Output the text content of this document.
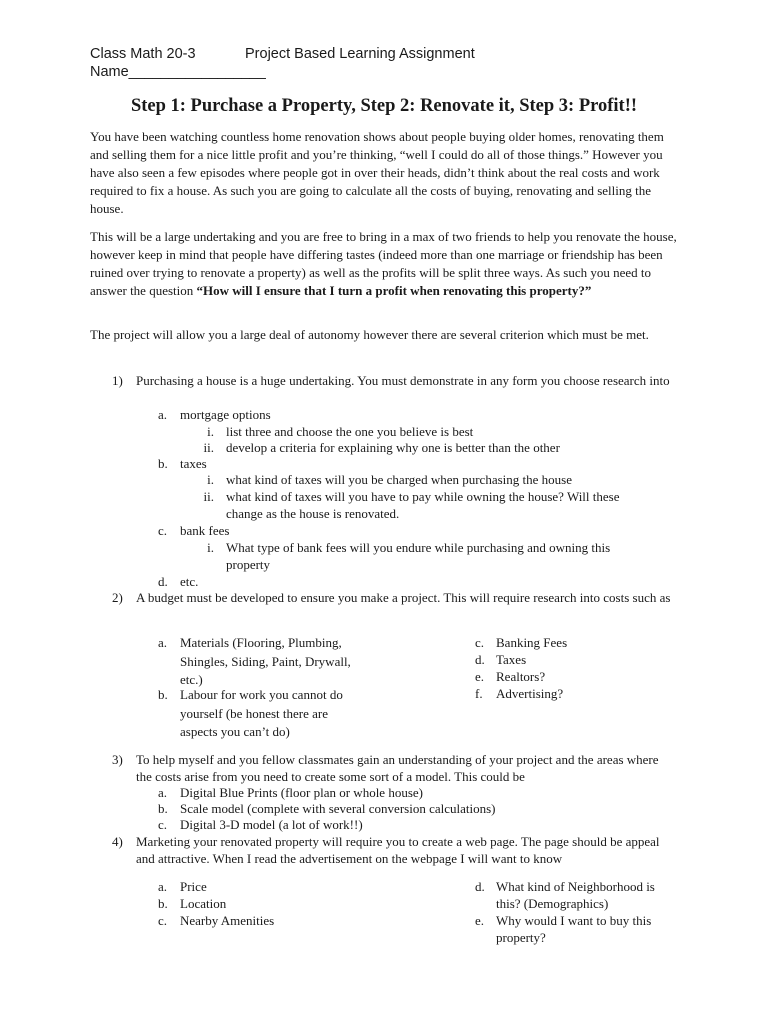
Class Math 20-3	Project Based Learning Assignment
Name_________________
Step 1: Purchase a Property, Step 2: Renovate it, Step 3: Profit!!
You have been watching countless home renovation shows about people buying older homes, renovating them and selling them for a nice little profit and you’re thinking, “well I could do all of those things.” However you have also seen a few episodes where people got in over their heads, didn’t think about the real costs and work required to fix a house. As such you are going to calculate all the costs of buying, renovating and selling the house.
This will be a large undertaking and you are free to bring in a max of two friends to help you renovate the house, however keep in mind that people have differing tastes (indeed more than one marriage or friendship has been ruined over trying to renovate a property) as well as the profits will be split three ways. As such you need to answer the question “How will I ensure that I turn a profit when renovating this property?”
The project will allow you a large deal of autonomy however there are several criterion which must be met.
1)	Purchasing a house is a huge undertaking. You must demonstrate in any form you choose research into
a. mortgage options
i. list three and choose the one you believe is best
ii. develop a criteria for explaining why one is better than the other
b. taxes
i. what kind of taxes will you be charged when purchasing the house
ii. what kind of taxes will you have to pay while owning the house? Will these change as the house is renovated.
c. bank fees
i. What type of bank fees will you endure while purchasing and owning this property
d. etc.
2)	A budget must be developed to ensure you make a project. This will require research into costs such as
a. Materials (Flooring, Plumbing, Shingles, Siding, Paint, Drywall, etc.)
b. Labour for work you cannot do yourself (be honest there are aspects you can’t do)
c. Banking Fees
d. Taxes
e. Realtors?
f. Advertising?
3)	To help myself and you fellow classmates gain an understanding of your project and the areas where the costs arise from you need to create some sort of a model. This could be
a. Digital Blue Prints (floor plan or whole house)
b. Scale model (complete with several conversion calculations)
c. Digital 3-D model (a lot of work!!)
4)	Marketing your renovated property will require you to create a web page. The page should be appeal and attractive. When I read the advertisement on the webpage I will want to know
a. Price
b. Location
c. Nearby Amenities
d. What kind of Neighborhood is this? (Demographics)
e. Why would I want to buy this property?
